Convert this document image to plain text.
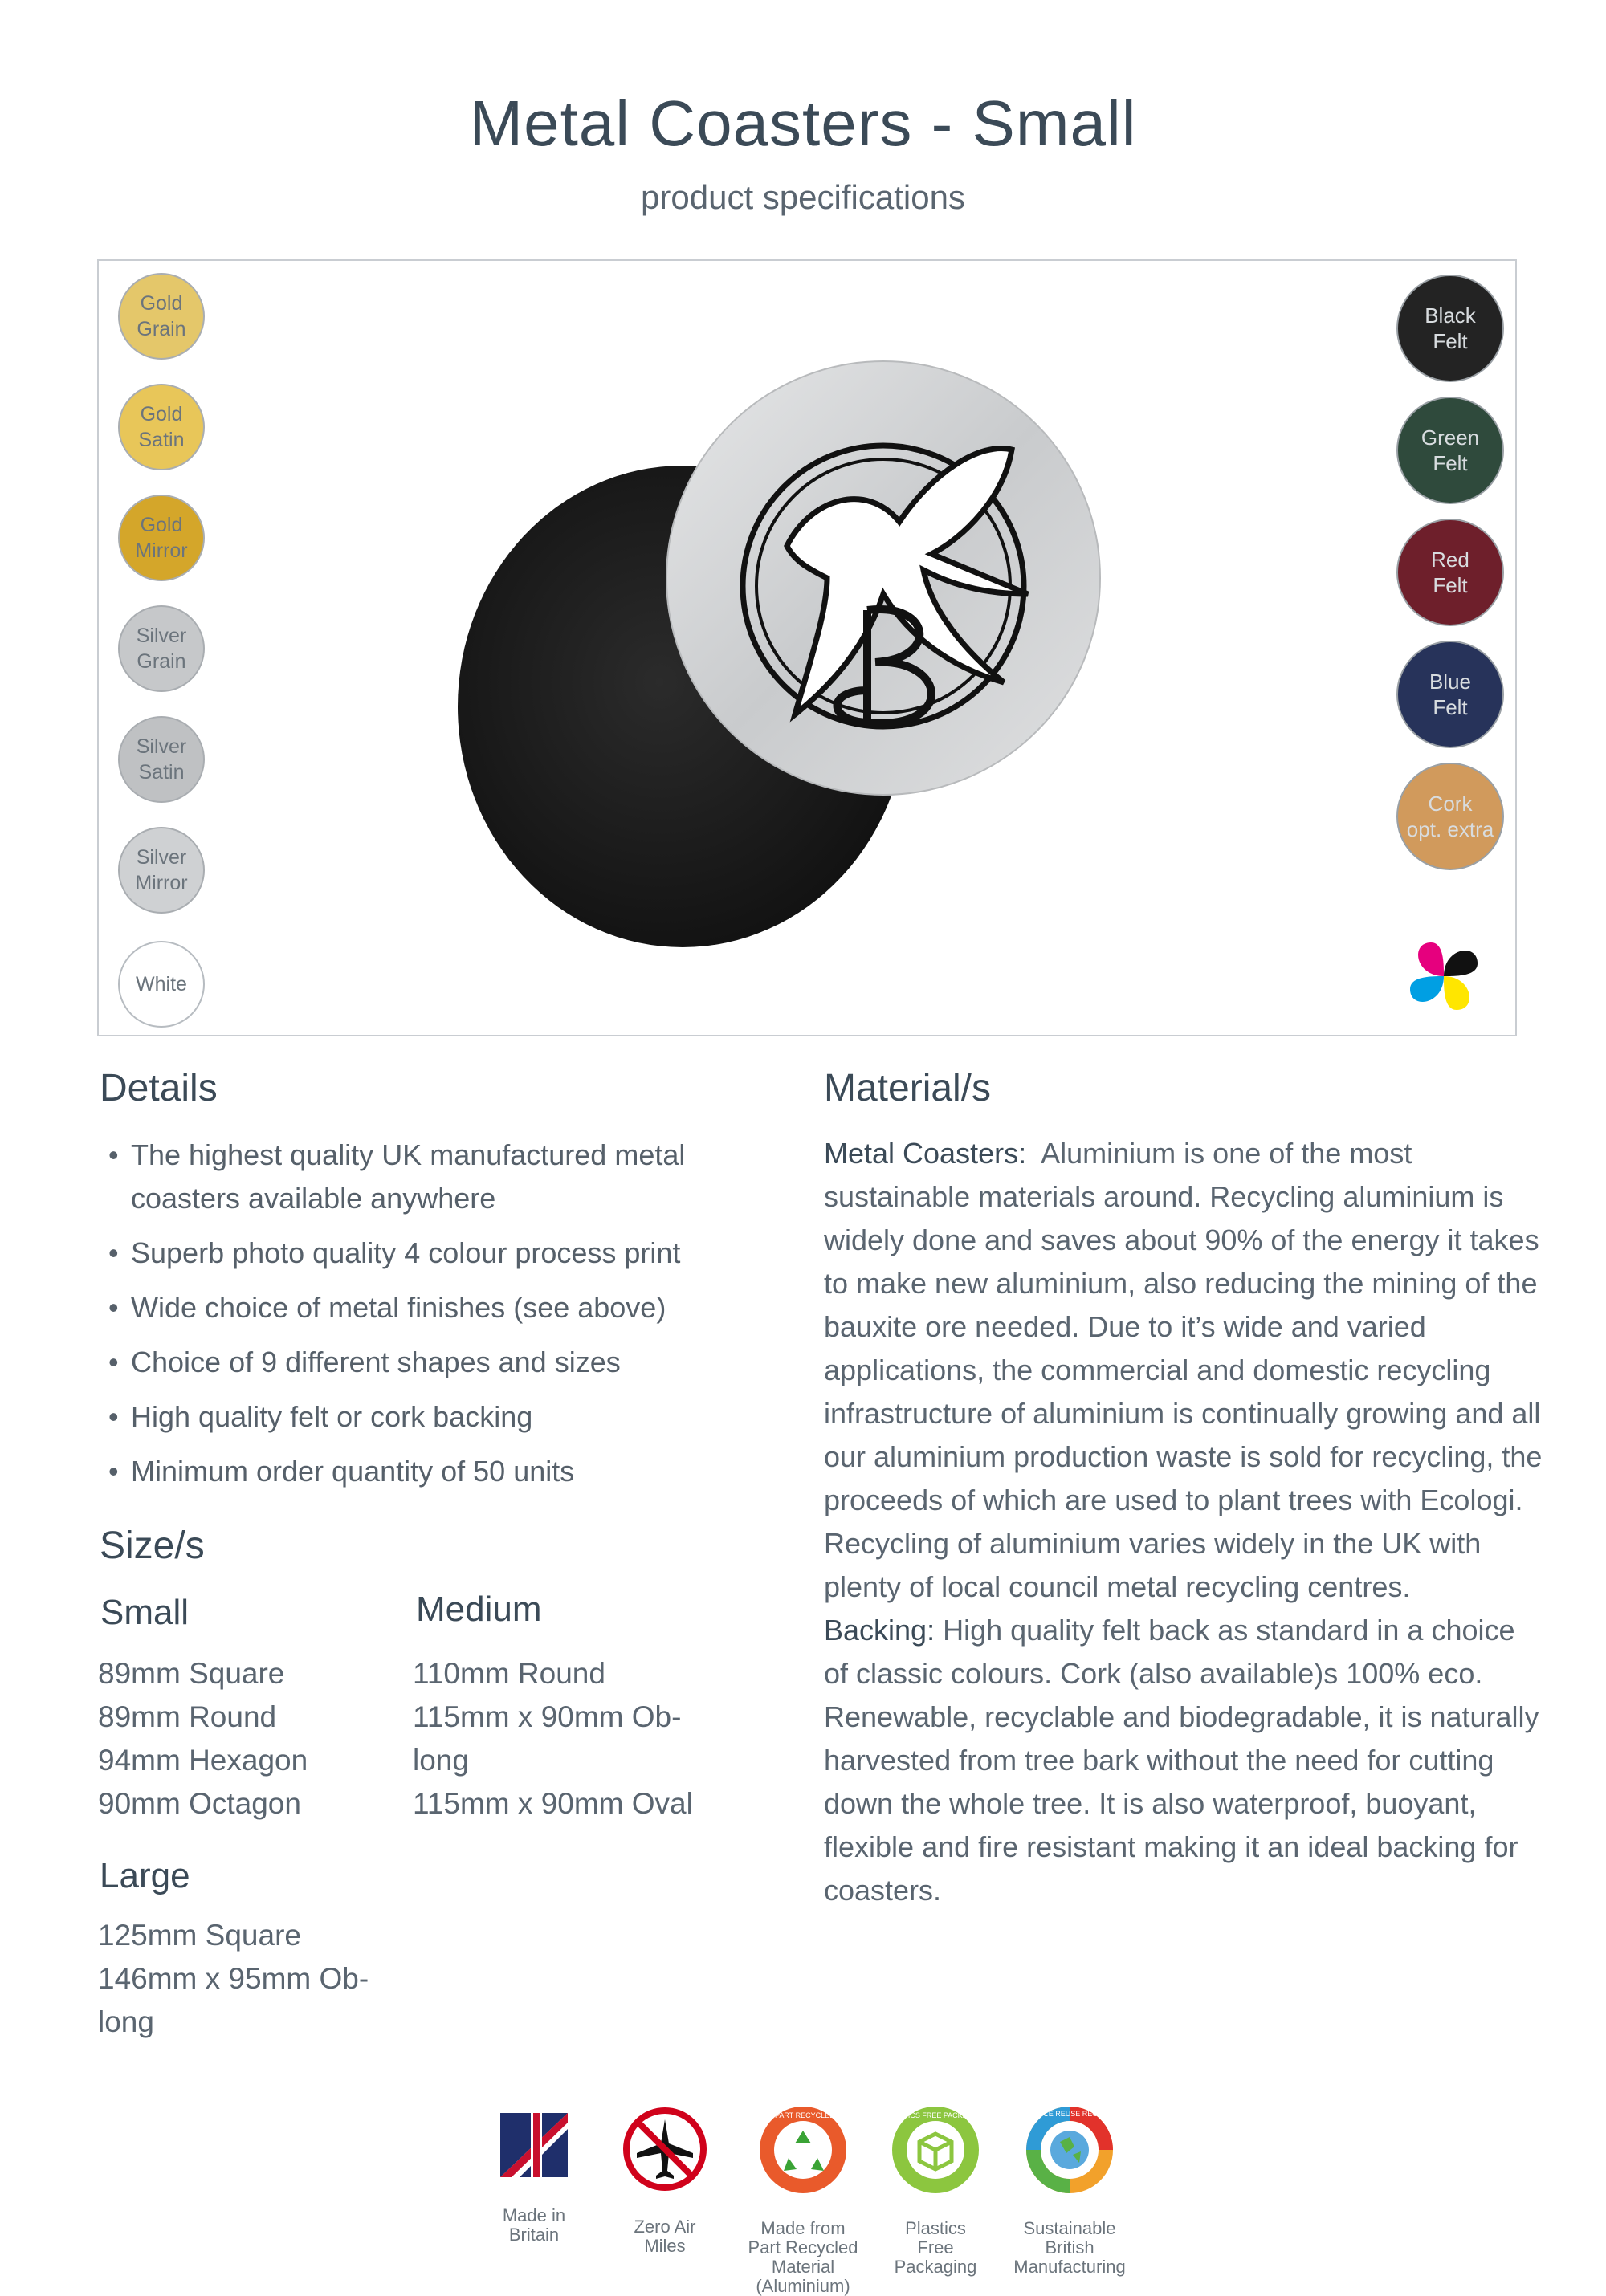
Metal Coasters - Small
product specifications
Gold
Grain
Gold
Satin
Gold
Mirror
Silver
Grain
Silver
Satin
Silver
Mirror
White
Black
Felt
Green
Felt
Red
Felt
Blue
Felt
Cork
opt. extra
Details
• The highest quality UK manufactured metal coasters available anywhere
• Superb photo quality 4 colour process print
• Wide choice of metal finishes (see above)
• Choice of 9 different shapes and sizes
• High quality felt or cork backing
• Minimum order quantity of 50 units
Size/s
Small
89mm Square
89mm Round
94mm Hexagon
90mm Octagon
Medium
110mm Round
115mm x 90mm Ob-
long
115mm x 90mm Oval
Large
125mm Square
146mm x 95mm Ob-
long
Material/s

Metal Coasters: Aluminium is one of the most sustainable materials around. Recycling aluminium is widely done and saves about 90% of the energy it takes to make new aluminium, also reducing the mining of the bauxite ore needed. Due to it’s wide and varied applications, the commercial and domestic recycling infrastructure of aluminium is continually growing and all our aluminium production waste is sold for recycling, the proceeds of which are used to plant trees with Ecologi. Recycling of aluminium varies widely in the UK with plenty of local council metal recycling centres.

Backing: High quality felt back as standard in a choice of classic colours. Cork (also available)s 100% eco. Renewable, recyclable and biodegradable, it is naturally harvested from tree bark without the need for cutting down the whole tree. It is also waterproof, buoyant, flexible and fire resistant making it an ideal backing for coasters.

Made in
Britain	Zero Air
Miles

MADE FROM PART RECYCLED MATERIALS

Made from
Part Recycled
Material
(Aluminium)

PLASTICS FREE PACKAGING

Plastics
Free
Packaging

REDUCE REUSE RECYCLE

Sustainable
British
Manufacturing
